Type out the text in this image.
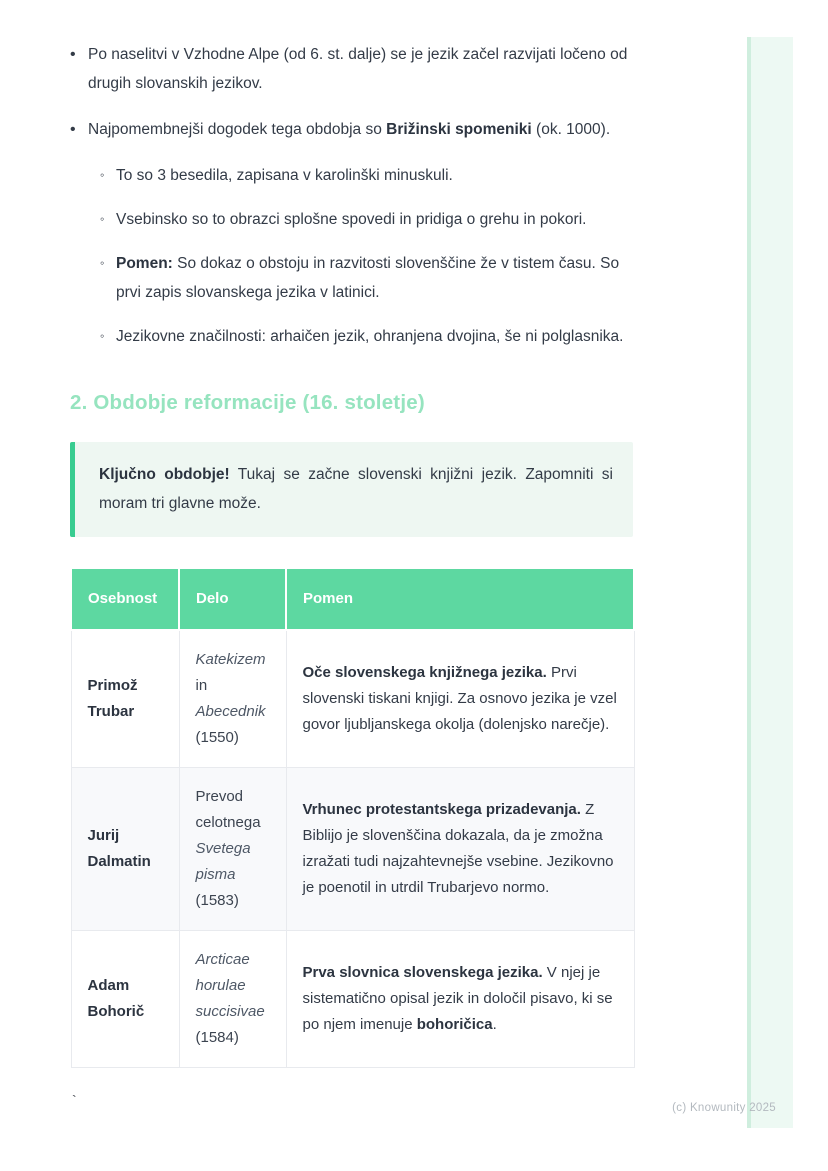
• Po naselitvi v Vzhodne Alpe (od 6. st. dalje) se je jezik začel razvijati ločeno od drugih slovanskih jezikov.
• Najpomembnejši dogodek tega obdobja so Brižinski spomeniki (ok. 1000).
◦ To so 3 besedila, zapisana v karolinški minuskuli.
◦ Vsebinsko so to obrazci splošne spovedi in pridiga o grehu in pokori.
◦ Pomen: So dokaz o obstoju in razvitosti slovenščine že v tistem času. So prvi zapis slovanskega jezika v latinici.
◦ Jezikovne značilnosti: arhaičen jezik, ohranjena dvojina, še ni polglasnika.
2. Obdobje reformacije (16. stoletje)

Ključno obdobje! Tukaj se začne slovenski knjižni jezik. Zapomniti si moram tri glavne može.

Osebnost	Delo	Pomen
Primož Trubar	Katekizem in Abecednik (1550)	Oče slovenskega knjižnega jezika. Prvi slovenski tiskani knjigi. Za osnovo jezika je vzel govor ljubljanskega okolja (dolenjsko narečje).
Jurij Dalmatin	Prevod celotnega Svetega pisma (1583)	Vrhunec protestantskega prizadevanja. Z Biblijo je slovenščina dokazala, da je zmožna izražati tudi najzahtevnejše vsebine. Jezikovno je poenotil in utrdil Trubarjevo normo.
Adam Bohorič	Arcticae horulae succisivae (1584)	Prva slovnica slovenskega jezika. V njej je sistematično opisal jezik in določil pisavo, ki se po njem imenuje bohoričica.
`	(c) Knowunity 2025
